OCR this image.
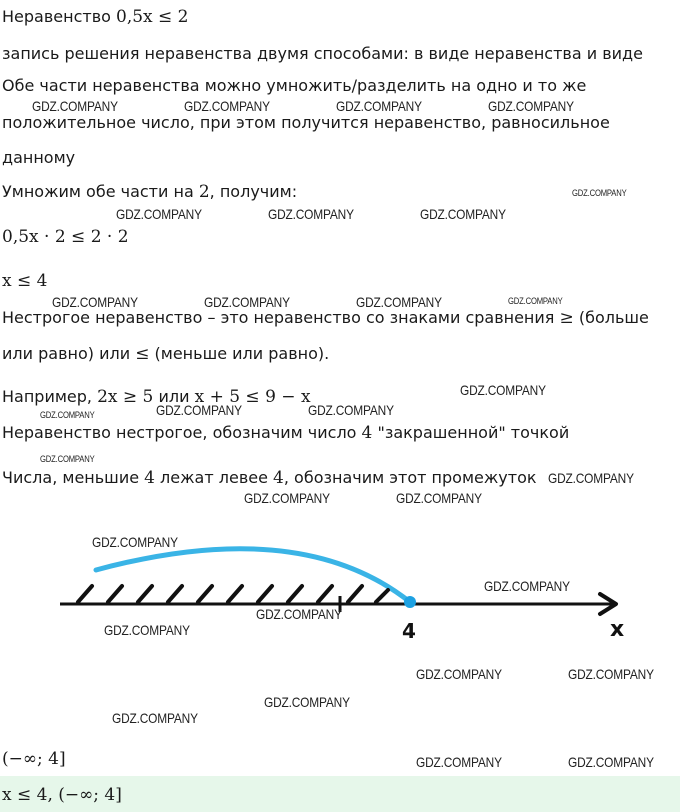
Неравенство 0,5x ≤ 2
запись решения неравенства двумя способами: в виде неравенства и виде
Обе части неравенства можно умножить/разделить на одно и то же
положительное число, при этом получится неравенство, равносильное
данному
Умножим обе части на 2, получим:
0,5x · 2 ≤ 2 · 2
x ≤ 4
Нестрогое неравенство – это неравенство со знаками сравнения ≥ (больше
или равно) или ≤ (меньше или равно).
Например, 2x ≥ 5 или x + 5 ≤ 9 − x
Неравенство нестрогое, обозначим число 4 "закрашенной" точкой
Числа, меньшие 4 лежат левее 4, обозначим этот промежуток
4	x
(−∞; 4]
x ≤ 4, (−∞; 4]
GDZ.COMPANY	GDZ.COMPANY	GDZ.COMPANY	GDZ.COMPANY
GDZ.COMPANY
GDZ.COMPANY	GDZ.COMPANY	GDZ.COMPANY
GDZ.COMPANY	GDZ.COMPANY	GDZ.COMPANY	GDZ.COMPANY
GDZ.COMPANY
GDZ.COMPANY	GDZ.COMPANY
GDZ.COMPANY
GDZ.COMPANY
GDZ.COMPANY
GDZ.COMPANY	GDZ.COMPANY
GDZ.COMPANY
GDZ.COMPANY
GDZ.COMPANY
GDZ.COMPANY
GDZ.COMPANY	GDZ.COMPANY
GDZ.COMPANY
GDZ.COMPANY
GDZ.COMPANY	GDZ.COMPANY
